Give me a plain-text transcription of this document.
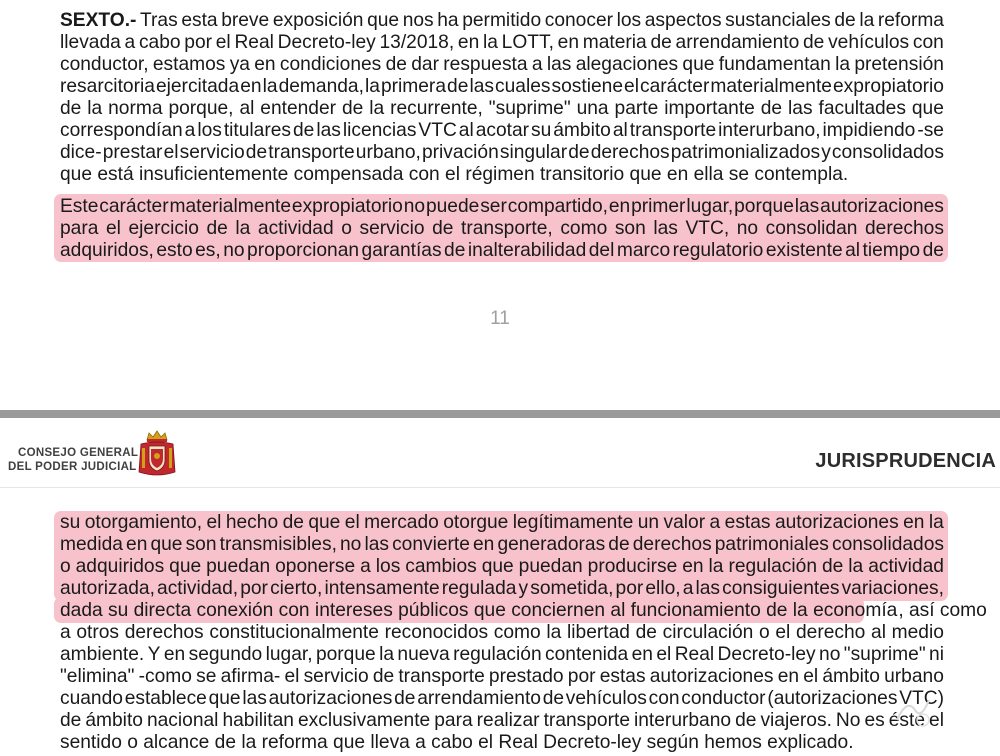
SEXTO.- Tras esta breve exposición que nos ha permitido conocer los aspectos sustanciales de la reforma

llevada a cabo por el Real Decreto-ley 13/2018, en la LOTT, en materia de arrendamiento de vehículos con

conductor, estamos ya en condiciones de dar respuesta a las alegaciones que fundamentan la pretensión

resarcitoria ejercitada en la demanda, la primera de las cuales sostiene el carácter materialmente expropiatorio

de la norma porque, al entender de la recurrente, "suprime" una parte importante de las facultades que

correspondían a los titulares de las licencias VTC al acotar su ámbito al transporte interurbano, impidiendo -se

dice- prestar el servicio de transporte urbano, privación singular de derechos patrimonializados y consolidados

que está insuficientemente compensada con el régimen transitorio que en ella se contempla.

Este carácter materialmente expropiatorio no puede ser compartido, en primer lugar, porque las autorizaciones

para el ejercicio de la actividad o servicio de transporte, como son las VTC, no consolidan derechos

adquiridos, esto es, no proporcionan garantías de inalterabilidad del marco regulatorio existente al tiempo de

11
CONSEJO GENERAL
DEL PODER JUDICIAL	JURISPRUDENCIA

su otorgamiento, el hecho de que el mercado otorgue legítimamente un valor a estas autorizaciones en la

medida en que son transmisibles, no las convierte en generadoras de derechos patrimoniales consolidados

o adquiridos que puedan oponerse a los cambios que puedan producirse en la regulación de la actividad

autorizada, actividad, por cierto, intensamente regulada y sometida, por ello, a las consiguientes variaciones,

dada su directa conexión con intereses públicos que conciernen al funcionamiento de la economía , así como

a otros derechos constitucionalmente reconocidos como la libertad de circulación o el derecho al medio

ambiente. Y en segundo lugar, porque la nueva regulación contenida en el Real Decreto-ley no "suprime" ni

"elimina" -como se afirma- el servicio de transporte prestado por estas autorizaciones en el ámbito urbano

cuando establece que las autorizaciones de arrendamiento de vehículos con conductor (autorizaciones VTC)

de ámbito nacional habilitan exclusivamente para realizar transporte interurbano de viajeros. No es éste el

sentido o alcance de la reforma que lleva a cabo el Real Decreto-ley según hemos explicado.
